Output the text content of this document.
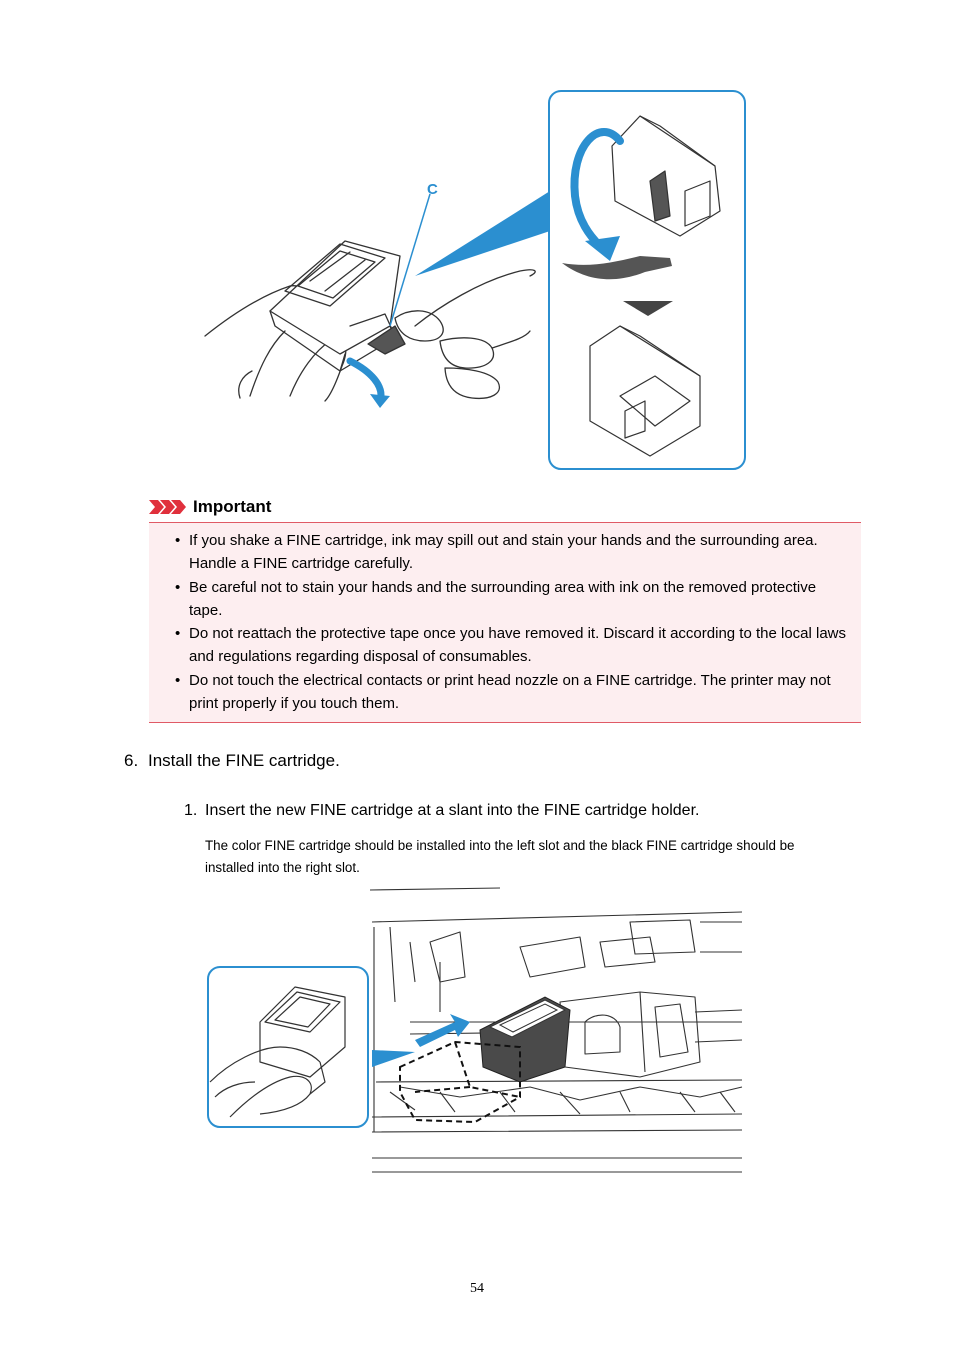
C
Important
• If you shake a FINE cartridge, ink may spill out and stain your hands and the surrounding area. Handle a FINE cartridge carefully.
• Be careful not to stain your hands and the surrounding area with ink on the removed protective tape.
• Do not reattach the protective tape once you have removed it. Discard it according to the local laws and regulations regarding disposal of consumables.
• Do not touch the electrical contacts or print head nozzle on a FINE cartridge. The printer may not print properly if you touch them.
6. Install the FINE cartridge.
1. Insert the new FINE cartridge at a slant into the FINE cartridge holder.
The color FINE cartridge should be installed into the left slot and the black FINE cartridge should be installed into the right slot.
54
